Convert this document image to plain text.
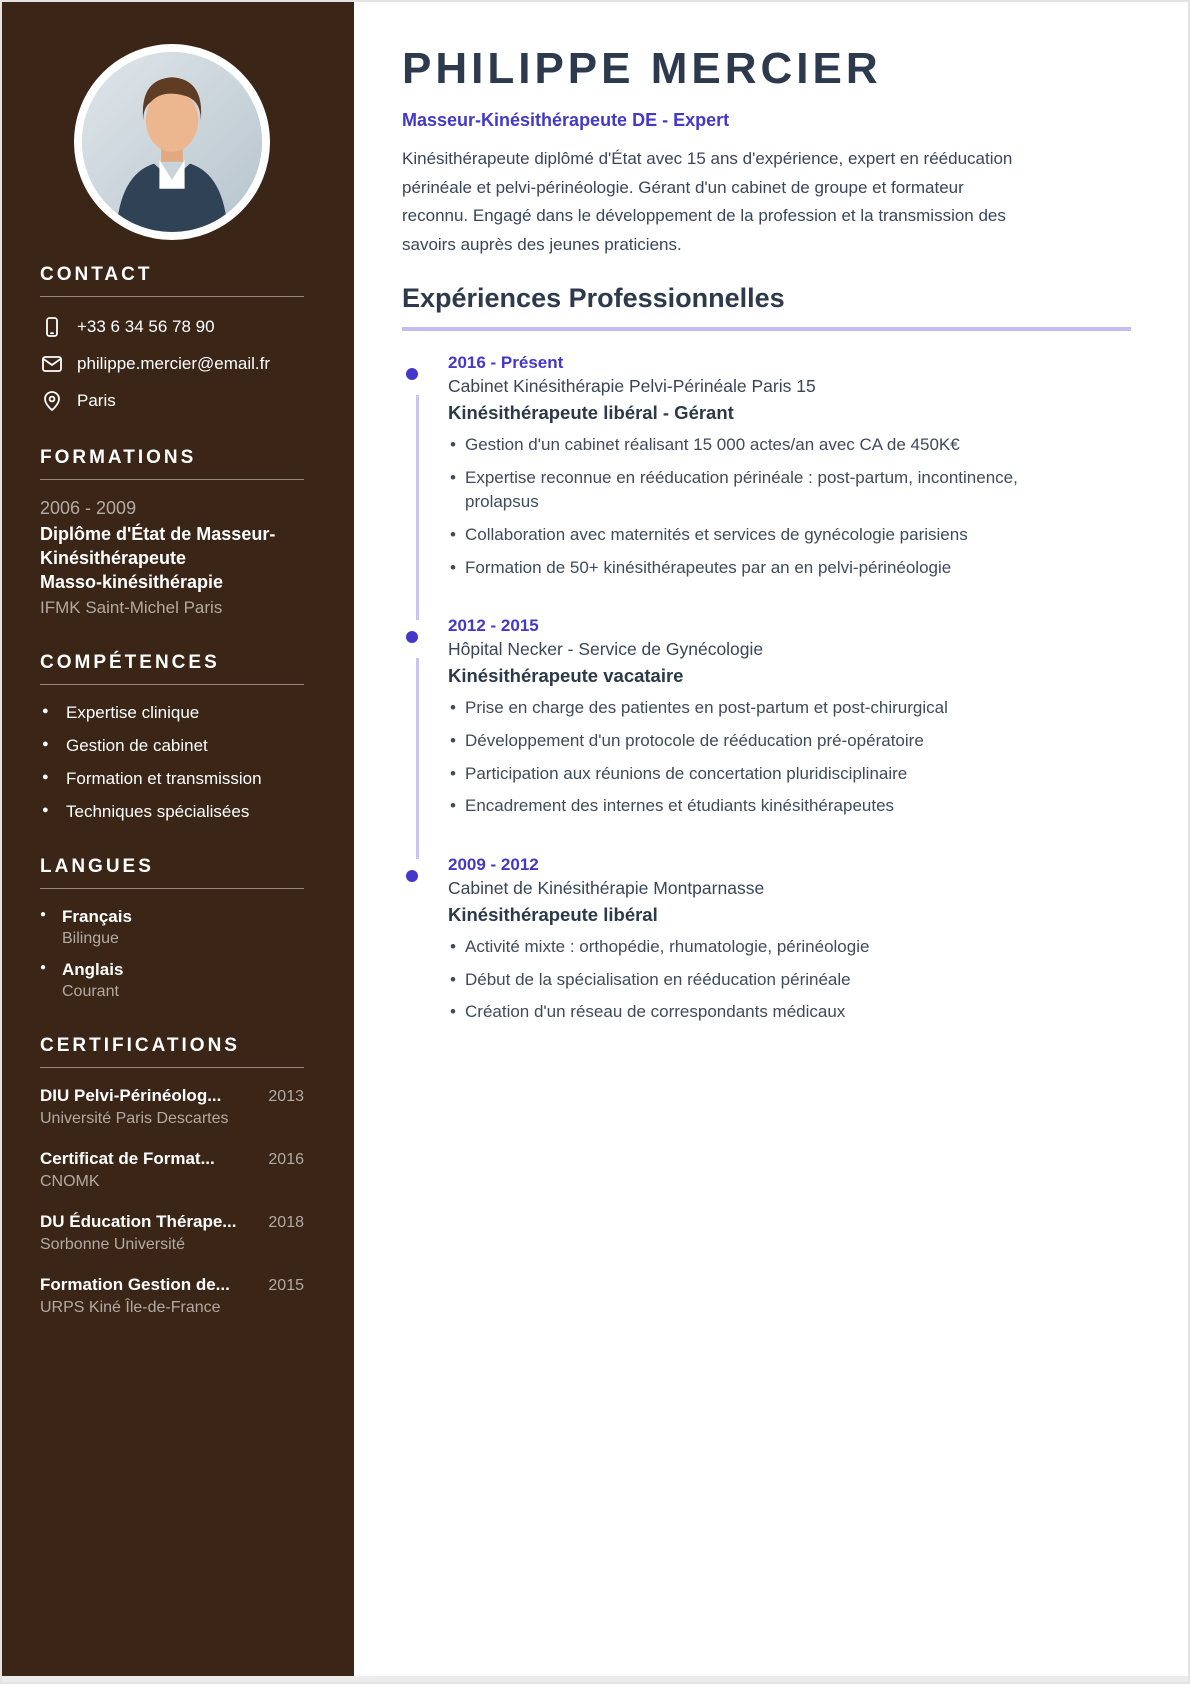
CONTACT
+33 6 34 56 78 90
philippe.mercier@email.fr
Paris
FORMATIONS
2006 - 2009
Diplôme d'État de Masseur-Kinésithérapeute
Masso-kinésithérapie
IFMK Saint-Michel Paris
COMPÉTENCES
● Expertise clinique
● Gestion de cabinet
● Formation et transmission
● Techniques spécialisées
LANGUES
● Français
Bilingue
● Anglais
Courant
CERTIFICATIONS
DIU Pelvi-Périnéolog...	2013
Université Paris Descartes
Certificat de Format...	2016
CNOMK
DU Éducation Thérape...	2018
Sorbonne Université
Formation Gestion de...	2015
URPS Kiné Île-de-France
PHILIPPE MERCIER
Masseur-Kinésithérapeute DE - Expert

Kinésithérapeute diplômé d'État avec 15 ans d'expérience, expert en rééducation périnéale et pelvi-périnéologie. Gérant d'un cabinet de groupe et formateur reconnu. Engagé dans le développement de la profession et la transmission des savoirs auprès des jeunes praticiens.

Expériences Professionnelles
2016 - Présent
Cabinet Kinésithérapie Pelvi-Périnéale Paris 15
Kinésithérapeute libéral - Gérant
• Gestion d'un cabinet réalisant 15 000 actes/an avec CA de 450K€
• Expertise reconnue en rééducation périnéale : post-partum, incontinence, prolapsus
• Collaboration avec maternités et services de gynécologie parisiens
• Formation de 50+ kinésithérapeutes par an en pelvi-périnéologie
2012 - 2015
Hôpital Necker - Service de Gynécologie
Kinésithérapeute vacataire
• Prise en charge des patientes en post-partum et post-chirurgical
• Développement d'un protocole de rééducation pré-opératoire
• Participation aux réunions de concertation pluridisciplinaire
• Encadrement des internes et étudiants kinésithérapeutes
2009 - 2012
Cabinet de Kinésithérapie Montparnasse
Kinésithérapeute libéral
• Activité mixte : orthopédie, rhumatologie, périnéologie
• Début de la spécialisation en rééducation périnéale
• Création d'un réseau de correspondants médicaux
